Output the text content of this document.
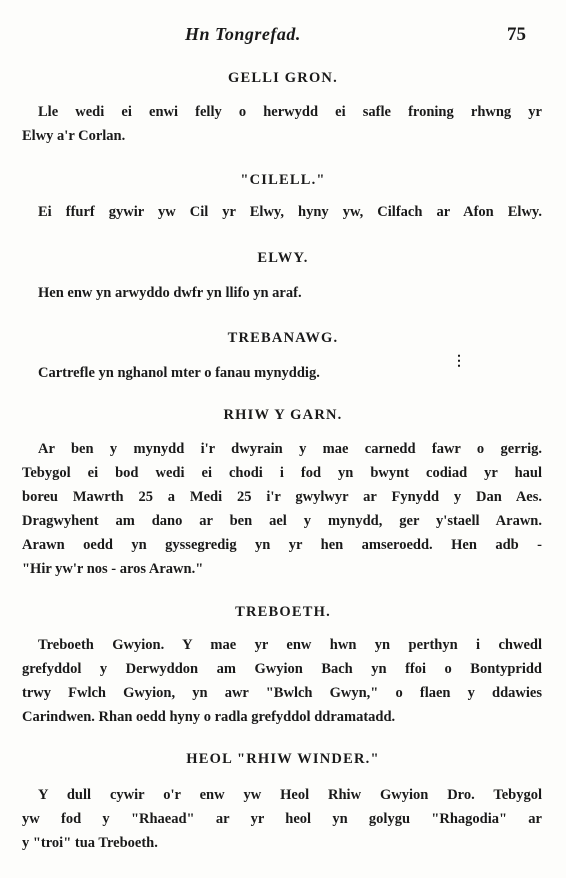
Hn Tongrefad.	75
GELLI GRON.
Lle wedi ei enwi felly o herwydd ei safle froning rhwng yr
Elwy a'r Corlan.
"CILELL."
Ei ffurf gywir yw Cil yr Elwy, hyny yw, Cilfach ar Afon Elwy.
ELWY.
Hen enw yn arwyddo dwfr yn llifo yn araf.
TREBANAWG.
Cartrefle yn nghanol mter o fanau mynyddig.
⋮
RHIW Y GARN.
Ar ben y mynydd i'r dwyrain y mae carnedd fawr o gerrig.
Tebygol ei bod wedi ei chodi i fod yn bwynt codiad yr haul
boreu Mawrth 25 a Medi 25 i'r gwylwyr ar Fynydd y Dan Aes.
Dragwyhent am dano ar ben ael y mynydd, ger y'staell Arawn.
Arawn oedd yn gyssegredig yn yr hen amseroedd. Hen adb -
"Hir yw'r nos - aros Arawn."
TREBOETH.
Treboeth Gwyion. Y mae yr enw hwn yn perthyn i chwedl
grefyddol y Derwyddon am Gwyion Bach yn ffoi o Bontypridd
trwy Fwlch Gwyion, yn awr "Bwlch Gwyn," o flaen y ddawies
Carindwen. Rhan oedd hyny o radla grefyddol ddramatadd.
HEOL "RHIW WINDER."
Y dull cywir o'r enw yw Heol Rhiw Gwyion Dro. Tebygol
yw fod y "Rhaead" ar yr heol yn golygu "Rhagodia" ar
y "troi" tua Treboeth.
